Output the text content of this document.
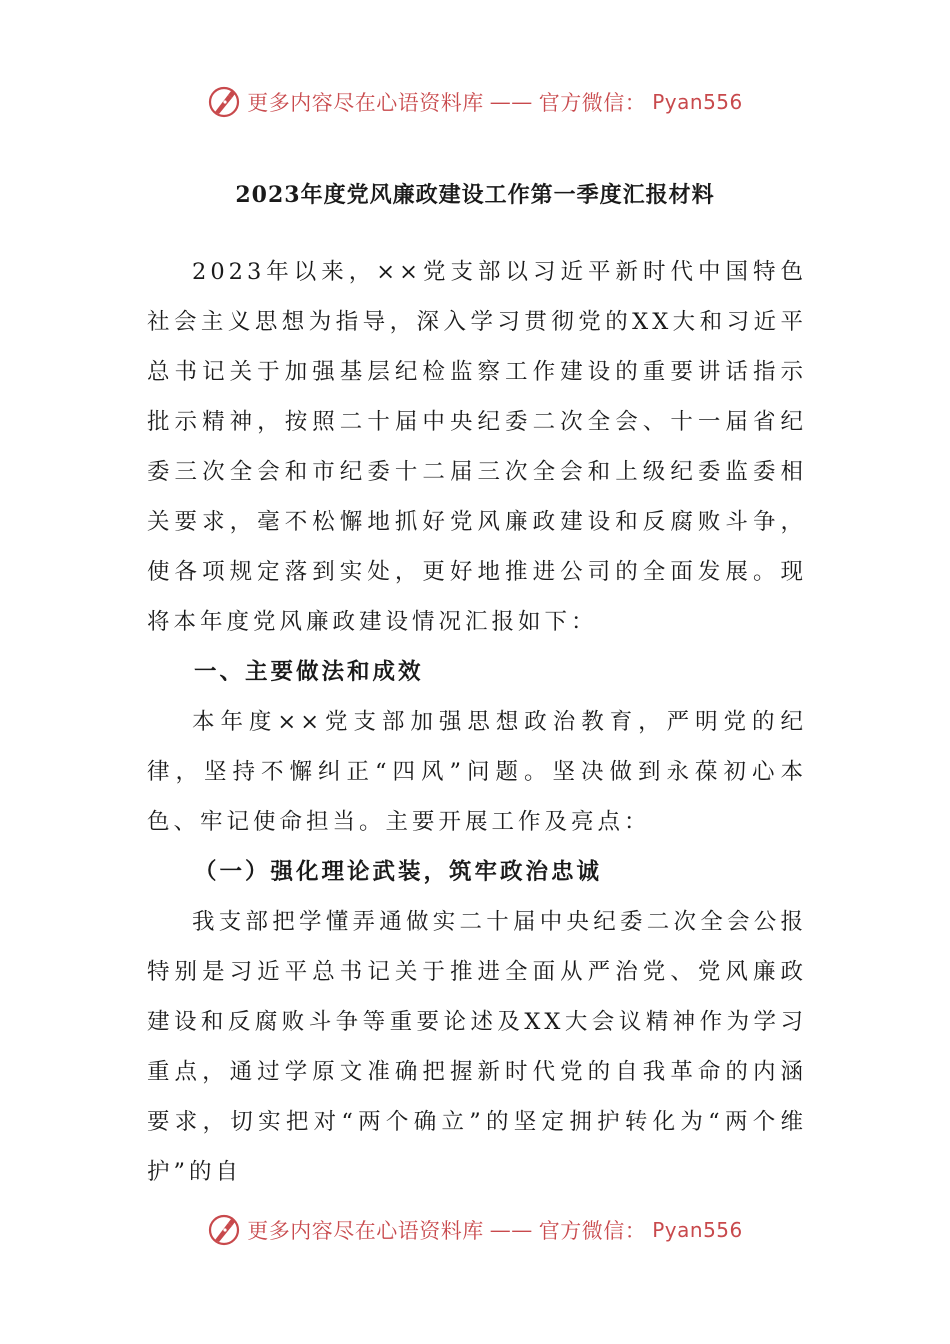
更多内容尽在心语资料库 —— 官方微信： Pyan556
2023年度党风廉政建设工作第一季度汇报材料

2023年以来，××党支部以习近平新时代中国特色社会主义思想为指导，深入学习贯彻党的XX大和习近平总书记关于加强基层纪检监察工作建设的重要讲话指示批示精神，按照二十届中央纪委二次全会、十一届省纪委三次全会和市纪委十二届三次全会和上级纪委监委相关要求，毫不松懈地抓好党风廉政建设和反腐败斗争，使各项规定落到实处，更好地推进公司的全面发展。现将本年度党风廉政建设情况汇报如下：

一、主要做法和成效

本年度××党支部加强思想政治教育，严明党的纪律，坚持不懈纠正“四风”问题。坚决做到永葆初心本色、牢记使命担当。主要开展工作及亮点：

（一）强化理论武装，筑牢政治忠诚

我支部把学懂弄通做实二十届中央纪委二次全会公报特别是习近平总书记关于推进全面从严治党、党风廉政建设和反腐败斗争等重要论述及XX大会议精神作为学习重点，通过学原文准确把握新时代党的自我革命的内涵要求，切实把对“两个确立”的坚定拥护转化为“两个维护”的自

更多内容尽在心语资料库 —— 官方微信： Pyan556
